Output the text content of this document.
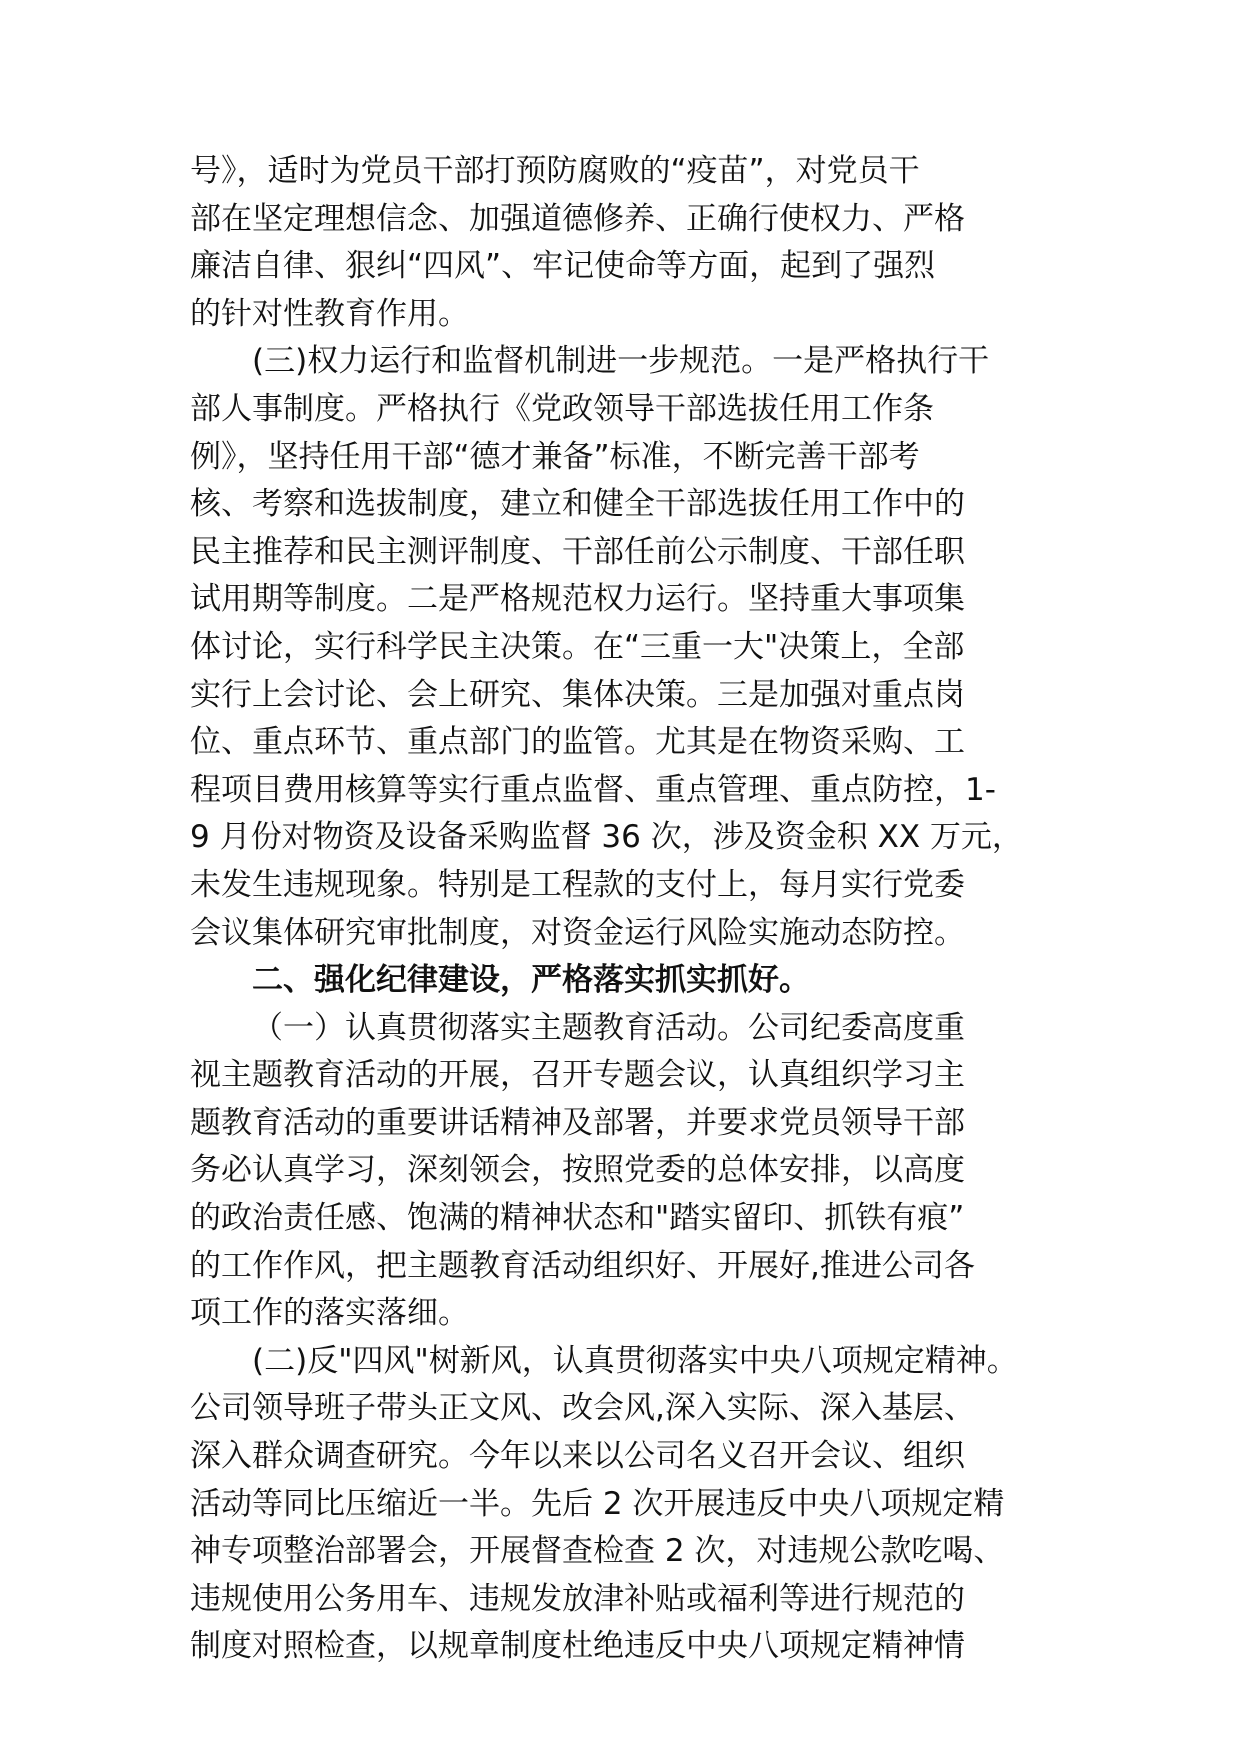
号》，适时为党员干部打预防腐败的“疫苗”，对党员干
部在坚定理想信念、加强道德修养、正确行使权力、严格
廉洁自律、狠纠“四风”、牢记使命等方面，起到了强烈
的针对性教育作用。
(三)权力运行和监督机制进一步规范。一是严格执行干
部人事制度。严格执行《党政领导干部选拔任用工作条
例》，坚持任用干部“德才兼备”标准，不断完善干部考
核、考察和选拔制度，建立和健全干部选拔任用工作中的
民主推荐和民主测评制度、干部任前公示制度、干部任职
试用期等制度。二是严格规范权力运行。坚持重大事项集
体讨论，实行科学民主决策。在“三重一大"决策上，全部
实行上会讨论、会上研究、集体决策。三是加强对重点岗
位、重点环节、重点部门的监管。尤其是在物资采购、工
程项目费用核算等实行重点监督、重点管理、重点防控，1-
9 月份对物资及设备采购监督 36 次，涉及资金积 XX 万元，
未发生违规现象。特别是工程款的支付上，每月实行党委
会议集体研究审批制度，对资金运行风险实施动态防控。
二、强化纪律建设，严格落实抓实抓好。
（一）认真贯彻落实主题教育活动。公司纪委高度重
视主题教育活动的开展，召开专题会议，认真组织学习主
题教育活动的重要讲话精神及部署，并要求党员领导干部
务必认真学习，深刻领会，按照党委的总体安排，以高度
的政治责任感、饱满的精神状态和"踏实留印、抓铁有痕”
的工作作风，把主题教育活动组织好、开展好,推进公司各
项工作的落实落细。
(二)反"四风"树新风，认真贯彻落实中央八项规定精神。
公司领导班子带头正文风、改会风,深入实际、深入基层、
深入群众调查研究。今年以来以公司名义召开会议、组织
活动等同比压缩近一半。先后 2 次开展违反中央八项规定精
神专项整治部署会，开展督查检查 2 次，对违规公款吃喝、
违规使用公务用车、违规发放津补贴或福利等进行规范的
制度对照检查，以规章制度杜绝违反中央八项规定精神情
